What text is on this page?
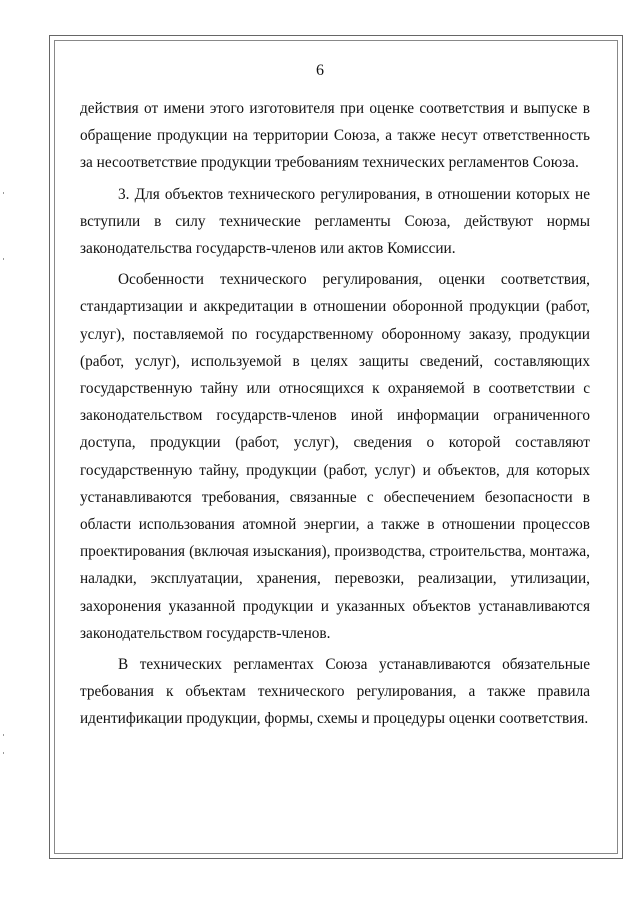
6

действия от имени этого изготовителя при оценке соответствия и выпуске в обращение продукции на территории Союза, а также несут ответственность за несоответствие продукции требованиям технических регламентов Союза.

3. Для объектов технического регулирования, в отношении которых не вступили в силу технические регламенты Союза, действуют нормы законодательства государств-членов или актов Комиссии.

Особенности технического регулирования, оценки соответствия, стандартизации и аккредитации в отношении оборонной продукции (работ, услуг), поставляемой по государственному оборонному заказу, продукции (работ, услуг), используемой в целях защиты сведений, составляющих государственную тайну или относящихся к охраняемой в соответствии с законодательством государств-членов иной информации ограниченного доступа, продукции (работ, услуг), сведения о которой составляют государственную тайну, продукции (работ, услуг) и объектов, для которых устанавливаются требования, связанные с обеспечением безопасности в области использования атомной энергии, а также в отношении процессов проектирования (включая изыскания), производства, строительства, монтажа, наладки, эксплуатации, хранения, перевозки, реализации, утилизации, захоронения указанной продукции и указанных объектов устанавливаются законодательством государств-членов.

В технических регламентах Союза устанавливаются обязательные требования к объектам технического регулирования, а также правила идентификации продукции, формы, схемы и процедуры оценки соответствия.
